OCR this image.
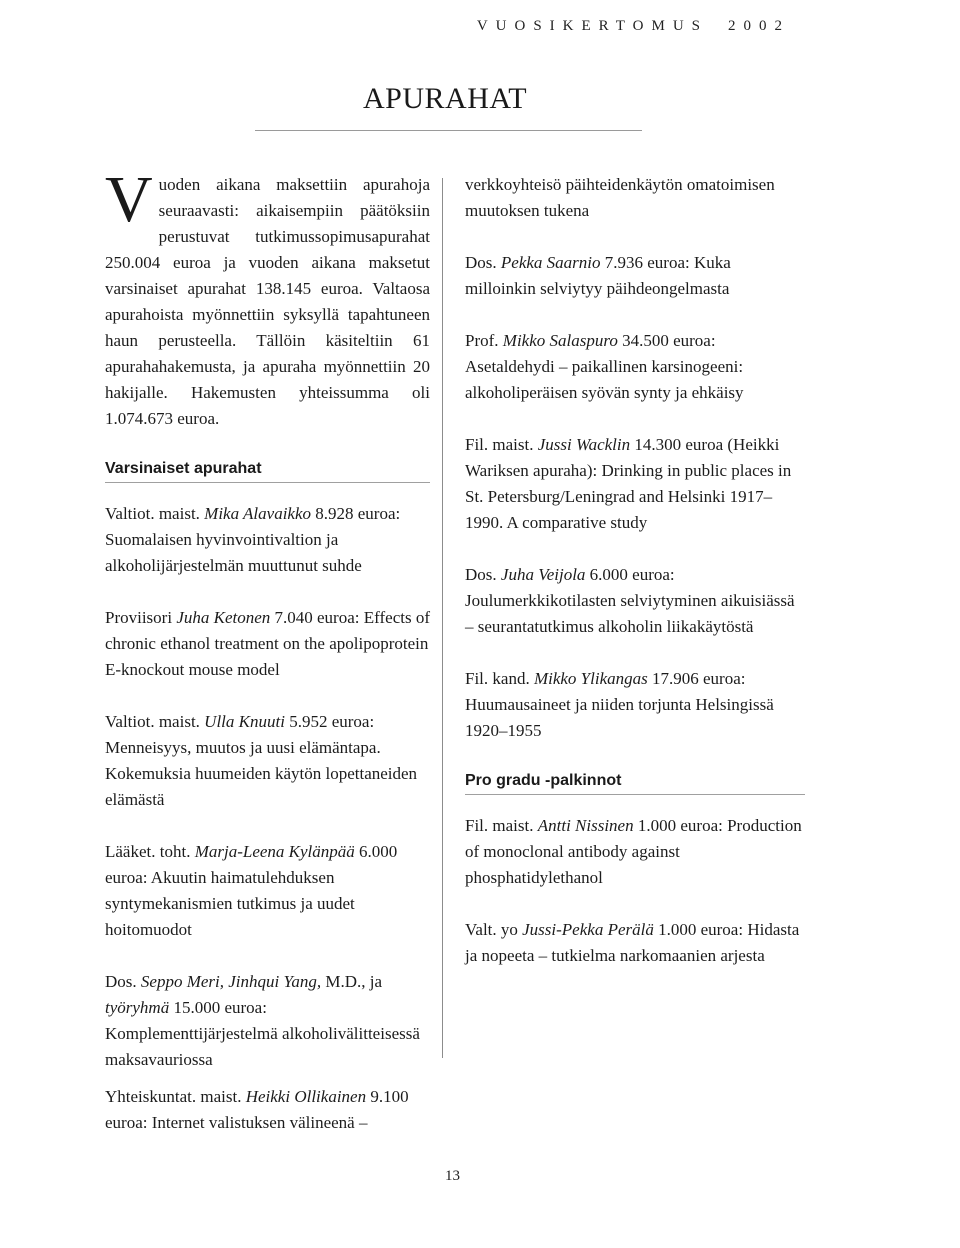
VUOSIKERTOMUS 2002
APURAHAT

Vuoden aikana maksettiin apurahoja seuraavasti: aikaisempiin päätöksiin perustuvat tutkimussopimusapurahat 250.004 euroa ja vuoden aikana maksetut varsinaiset apurahat 138.145 euroa. Valtaosa apurahoista myönnettiin syksyllä tapahtuneen haun perusteella. Tällöin käsiteltiin 61 apurahahakemusta, ja apuraha myönnettiin 20 hakijalle. Hakemusten yhteissumma oli 1.074.673 euroa.

Varsinaiset apurahat
Valtiot. maist. Mika Alavaikko 8.928 euroa: Suomalaisen hyvinvointivaltion ja alkoholijärjestelmän muuttunut suhde
Proviisori Juha Ketonen 7.040 euroa: Effects of chronic ethanol treatment on the apolipoprotein E-knockout mouse model
Valtiot. maist. Ulla Knuuti 5.952 euroa: Menneisyys, muutos ja uusi elämäntapa. Kokemuksia huumeiden käytön lopettaneiden elämästä
Lääket. toht. Marja-Leena Kylänpää 6.000 euroa: Akuutin haimatulehduksen syntymekanismien tutkimus ja uudet hoitomuodot
Dos. Seppo Meri, Jinhqui Yang, M.D., ja työryhmä 15.000 euroa: Komplementtijärjestelmä alkoholivälitteisessä maksavauriossa
Yhteiskuntat. maist. Heikki Ollikainen 9.100 euroa: Internet valistuksen välineenä –
verkkoyhteisö päihteidenkäytön omatoimisen muutoksen tukena
Dos. Pekka Saarnio 7.936 euroa: Kuka milloinkin selviytyy päihdeongelmasta
Prof. Mikko Salaspuro 34.500 euroa: Asetaldehydi – paikallinen karsinogeeni: alkoholiperäisen syövän synty ja ehkäisy
Fil. maist. Jussi Wacklin 14.300 euroa (Heikki Wariksen apuraha): Drinking in public places in St. Petersburg/Leningrad and Helsinki 1917–1990. A comparative study
Dos. Juha Veijola 6.000 euroa: Joulumerkkikotilasten selviytyminen aikuisiässä – seurantatutkimus alkoholin liikakäytöstä
Fil. kand. Mikko Ylikangas 17.906 euroa: Huumausaineet ja niiden torjunta Helsingissä 1920–1955
Pro gradu -palkinnot
Fil. maist. Antti Nissinen 1.000 euroa: Production of monoclonal antibody against phosphatidylethanol
Valt. yo Jussi-Pekka Perälä 1.000 euroa: Hidasta ja nopeeta – tutkielma narkomaanien arjesta
13
